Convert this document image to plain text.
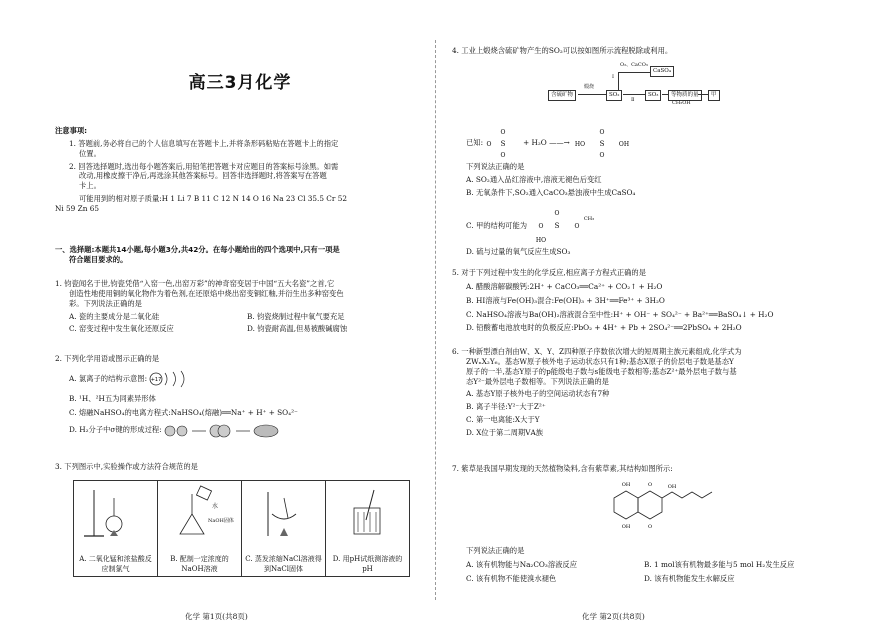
高三3月化学
注意事项:
1. 答题前,务必将自己的个人信息填写在答题卡上,并将条形码粘贴在答题卡上的指定
位置。
2. 回答选择题时,选出每小题答案后,用铅笔把答题卡对应题目的答案标号涂黑。如需
改动,用橡皮擦干净后,再选涂其他答案标号。回答非选择题时,将答案写在答题
卡上。
可能用到的相对原子质量:H 1 Li 7 B 11 C 12 N 14 O 16 Na 23 Cl 35.5 Cr 52
Ni 59 Zn 65
一、选择题:本题共14小题,每小题3分,共42分。在每小题给出的四个选项中,只有一项是
符合题目要求的。
1. 钧瓷闻名于世,钧瓷凭借“入窑一色,出窑万彩”的神奇窑变居于中国“五大名瓷”之首,它
创造性地使用铜的氧化物作为着色剂,在还原焰中烧出窑变铜红釉,并衍生出多种窑变色
彩。下列说法正确的是
A. 瓷的主要成分是二氧化硅	B. 钧瓷烧制过程中氧气要充足
C. 窑变过程中发生氧化还原反应	D. 钧瓷耐高温,但易被酸碱腐蚀
2. 下列化学用语或图示正确的是
A. 氯离子的结构示意图: +17
B. ¹H、²H五为同素异形体
C. 熔融NaHSO₄的电离方程式:NaHSO₄(熔融)══Na⁺ + H⁺ + SO₄²⁻
D. H₂分子中σ键的形成过程:
3. 下列图示中,实验操作或方法符合规范的是
A. 二氧化锰和浓盐酸反应制氯气
水
NaOH固体
B. 配制一定浓度的NaOH溶液
C. 蒸发浓缩NaCl溶液得到NaCl固体
D. 用pH试纸测溶液的pH
化学 第1页(共8页)
4. 工业上煅烧含硫矿物产生的SO₂可以按如图所示流程脱除或利用。
含硫矿物
煅烧
SO₂
O₂、CaCO₃
Ⅰ
CaSO₄
Ⅱ
SO₃	等物质的量
CH₃OH
甲
已知:	S
O
O
O	+ H₂O ——→ HO S OH
O
O
下列说法正确的是
A. SO₂通入品红溶液中,溶液无褪色后变红
B. 无氧条件下,SO₂通入CaCO₃悬浊液中生成CaSO₄
C. 甲的结构可能为	S
O
O
HO
O
CH₃
D. 硫与过量的氧气反应生成SO₃
5. 对于下列过程中发生的化学反应,相应离子方程式正确的是
A. 醋酸溶解碳酸钙:2H⁺ + CaCO₃══Ca²⁺ + CO₂↑ + H₂O
B. HI溶液与Fe(OH)₃混合:Fe(OH)₃ + 3H⁺══Fe³⁺ + 3H₂O
C. NaHSO₄溶液与Ba(OH)₂溶液混合至中性:H⁺ + OH⁻ + SO₄²⁻ + Ba²⁺══BaSO₄↓ + H₂O
D. 铅酸蓄电池放电时的负极反应:PbO₂ + 4H⁺ + Pb + 2SO₄²⁻══2PbSO₄ + 2H₂O
6. 一种新型漂白剂由W、X、Y、Z四种原子序数依次增大的短周期主族元素组成,化学式为
ZWₙX₂Y₆。基态W原子核外电子运动状态只有1种;基态X原子的价层电子数是基态Y
原子的一半,基态Y原子的p能级电子数与s能级电子数相等;基态Z²⁺最外层电子数与基
态Y²⁻最外层电子数相等。下列说法正确的是
A. 基态Y原子核外电子的空间运动状态有7种
B. 离子半径:Y²⁻大于Z²⁺
C. 第一电离能:X大于Y
D. X位于第二周期ⅤA族
7. 紫草是我国早期发现的天然植物染料,含有紫草素,其结构如图所示:
O
O
OH
OH
OH
下列说法正确的是
A. 该有机物能与Na₂CO₃溶液反应	B. 1 mol该有机物最多能与5 mol H₂发生反应
C. 该有机物不能使溴水褪色	D. 该有机物能发生水解反应
化学 第2页(共8页)
